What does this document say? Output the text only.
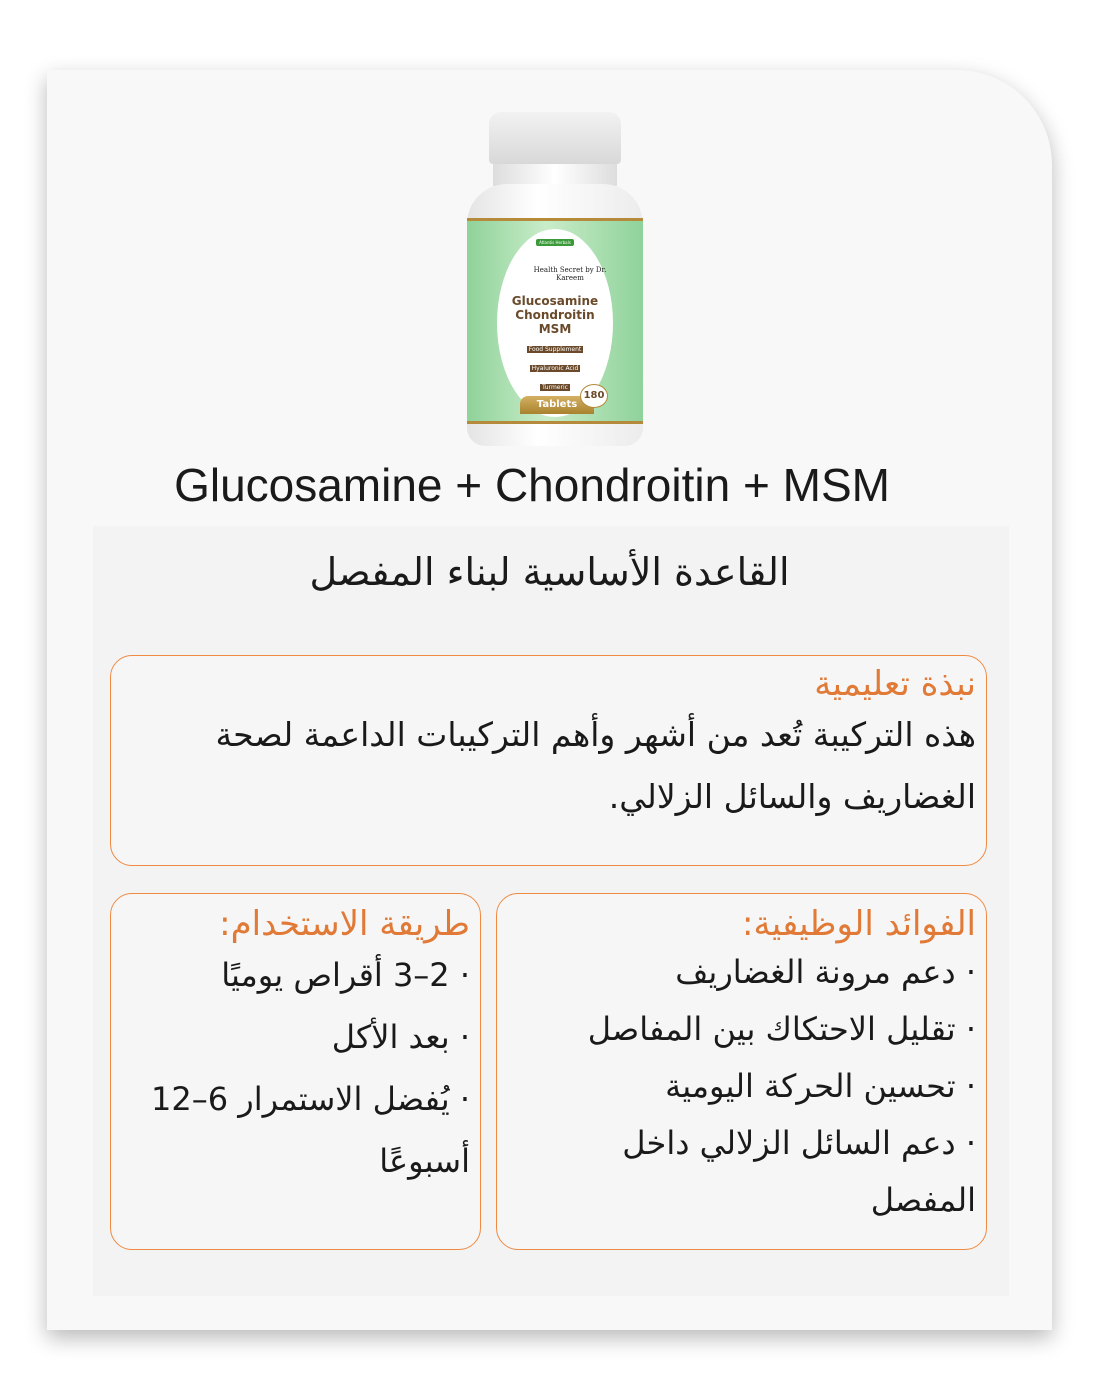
Atlantis Herbals
Health Secret by Dr. Kareem
Glucosamine
Chondroitin
MSM
Food Supplement
Hyaluronic Acid
Turmeric
Tablets
180
Glucosamine + Chondroitin + MSM
القاعدة الأساسية لبناء المفصل
نبذة تعليمية

هذه التركيبة تُعد من أشهر وأهم التركيبات الداعمة لصحة الغضاريف والسائل الزلالي.

الفوائد الوظيفية:
· دعم مرونة الغضاريف
· تقليل الاحتكاك بين المفاصل
· تحسين الحركة اليومية
· دعم السائل الزلالي داخل المفصل
طريقة الاستخدام:
· 2–3 أقراص يوميًا
· بعد الأكل
· يُفضل الاستمرار 6–12 أسبوعًا
